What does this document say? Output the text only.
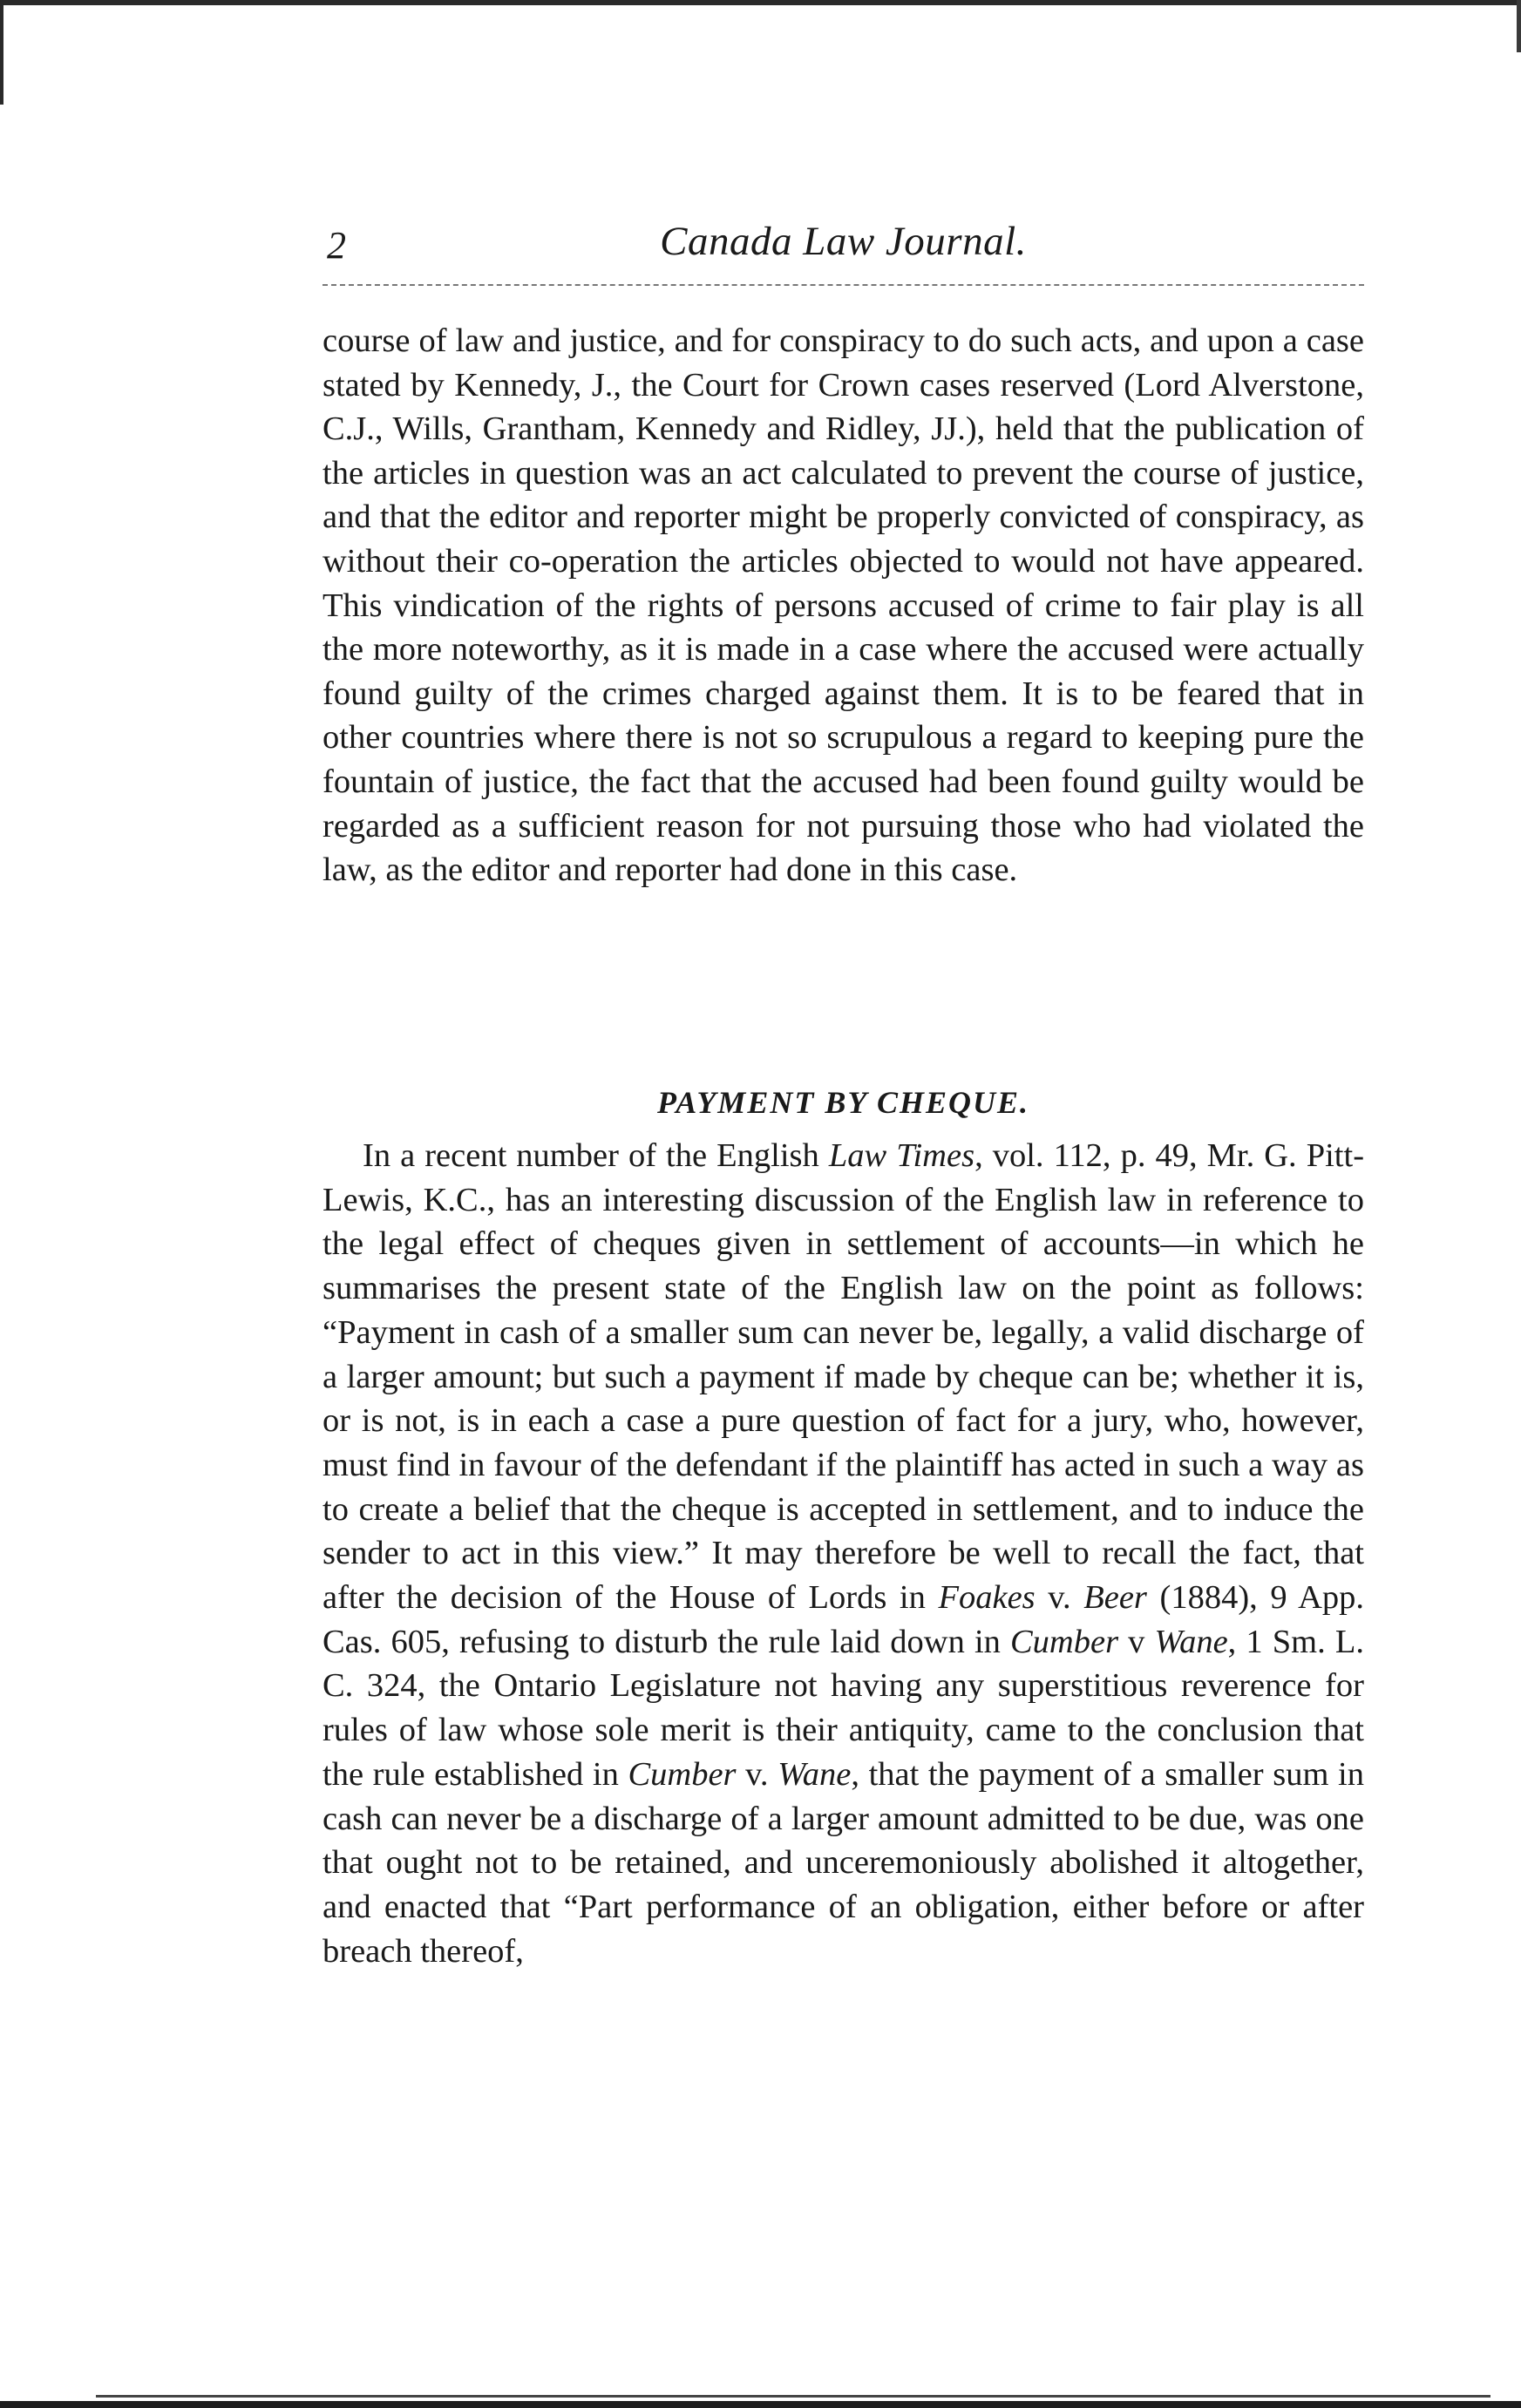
2	Canada Law Journal.

course of law and justice, and for conspiracy to do such acts, and upon a case stated by Kennedy, J., the Court for Crown cases reserved (Lord Alverstone, C.J., Wills, Grantham, Kennedy and Ridley, JJ.), held that the publication of the articles in question was an act calculated to prevent the course of justice, and that the editor and reporter might be properly convicted of conspiracy, as without their co-operation the articles objected to would not have appeared. This vindication of the rights of persons accused of crime to fair play is all the more noteworthy, as it is made in a case where the accused were actually found guilty of the crimes charged against them. It is to be feared that in other countries where there is not so scrupulous a regard to keeping pure the fountain of justice, the fact that the accused had been found guilty would be regarded as a sufficient reason for not pursuing those who had violated the law, as the editor and reporter had done in this case.

PAYMENT BY CHEQUE.

In a recent number of the English Law Times, vol. 112, p. 49, Mr. G. Pitt-Lewis, K.C., has an interesting discussion of the English law in reference to the legal effect of cheques given in settlement of accounts—in which he summarises the present state of the English law on the point as follows: “Payment in cash of a smaller sum can never be, legally, a valid discharge of a larger amount; but such a payment if made by cheque can be; whether it is, or is not, is in each a case a pure question of fact for a jury, who, however, must find in favour of the defendant if the plaintiff has acted in such a way as to create a belief that the cheque is accepted in settlement, and to induce the sender to act in this view.” It may therefore be well to recall the fact, that after the decision of the House of Lords in Foakes v. Beer (1884), 9 App. Cas. 605, refusing to disturb the rule laid down in Cumber v Wane, 1 Sm. L. C. 324, the Ontario Legislature not having any superstitious reverence for rules of law whose sole merit is their antiquity, came to the conclusion that the rule established in Cumber v. Wane, that the payment of a smaller sum in cash can never be a discharge of a larger amount admitted to be due, was one that ought not to be retained, and unceremoniously abolished it altogether, and enacted that “Part performance of an obligation, either before or after breach thereof,
